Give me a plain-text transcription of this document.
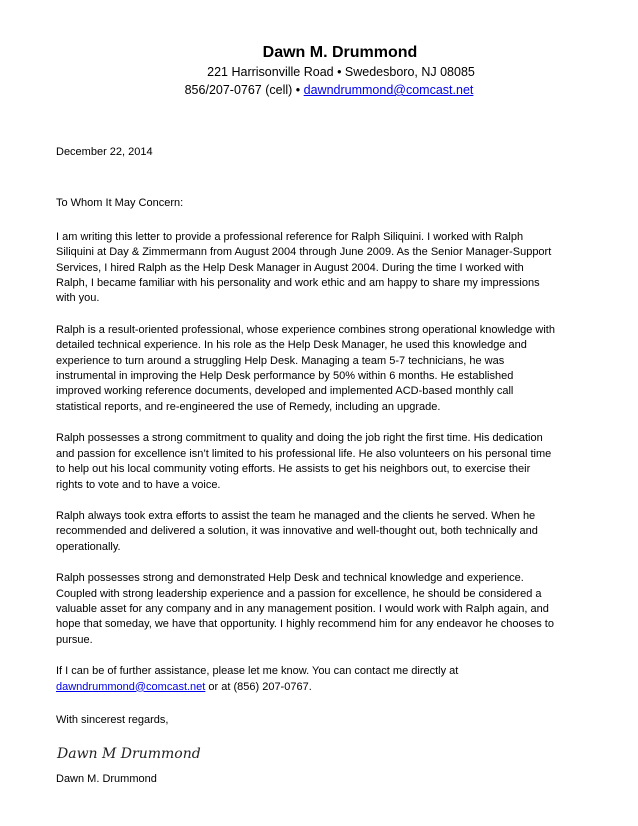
Dawn M. Drummond
221 Harrisonville Road • Swedesboro, NJ 08085
856/207-0767 (cell) • dawndrummond@comcast.net

December 22, 2014

To Whom It May Concern:

I am writing this letter to provide a professional reference for Ralph Siliquini. I worked with Ralph Siliquini at Day & Zimmermann from August 2004 through June 2009. As the Senior Manager-Support Services, I hired Ralph as the Help Desk Manager in August 2004. During the time I worked with Ralph, I became familiar with his personality and work ethic and am happy to share my impressions with you.

Ralph is a result-oriented professional, whose experience combines strong operational knowledge with detailed technical experience. In his role as the Help Desk Manager, he used this knowledge and experience to turn around a struggling Help Desk. Managing a team 5-7 technicians, he was instrumental in improving the Help Desk performance by 50% within 6 months. He established improved working reference documents, developed and implemented ACD-based monthly call statistical reports, and re-engineered the use of Remedy, including an upgrade.

Ralph possesses a strong commitment to quality and doing the job right the first time. His dedication and passion for excellence isn’t limited to his professional life. He also volunteers on his personal time to help out his local community voting efforts. He assists to get his neighbors out, to exercise their rights to vote and to have a voice.

Ralph always took extra efforts to assist the team he managed and the clients he served. When he recommended and delivered a solution, it was innovative and well-thought out, both technically and operationally.

Ralph possesses strong and demonstrated Help Desk and technical knowledge and experience. Coupled with strong leadership experience and a passion for excellence, he should be considered a valuable asset for any company and in any management position. I would work with Ralph again, and hope that someday, we have that opportunity. I highly recommend him for any endeavor he chooses to pursue.

If I can be of further assistance, please let me know. You can contact me directly at dawndrummond@comcast.net or at (856) 207-0767.

With sincerest regards,

Dawn M Drummond

Dawn M. Drummond
